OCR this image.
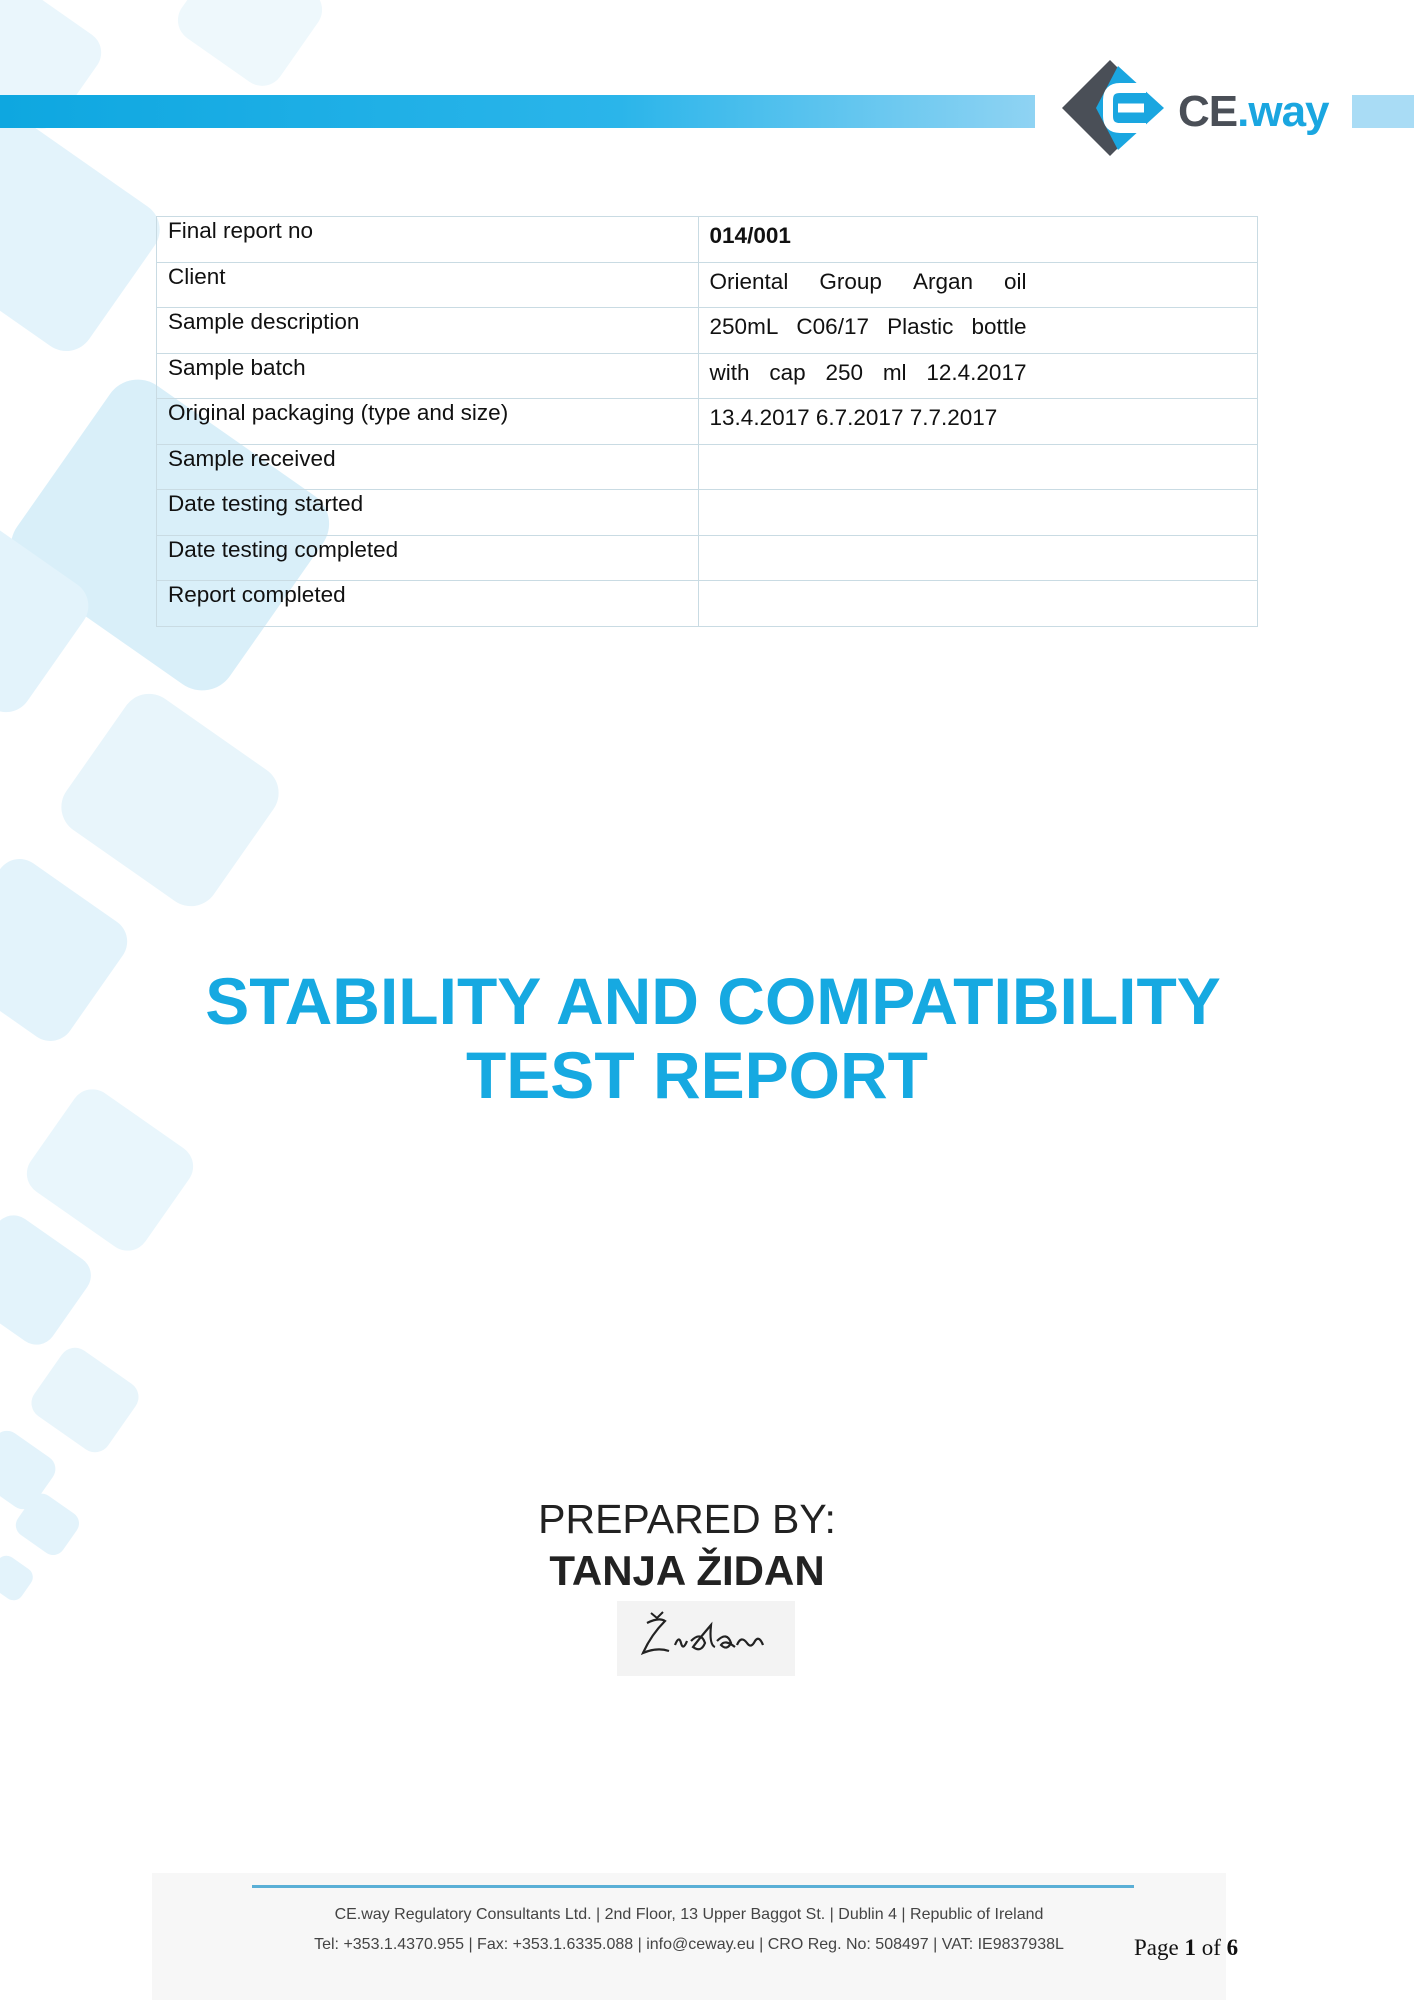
CE.way
Final report no	014/001
Client	Oriental Group Argan oil

Sample description	250mL C06/17 Plastic bottle

Sample batch	with cap 250 ml 12.4.2017

Original packaging (type and size)	13.4.2017 6.7.2017 7.7.2017
Sample received	
Date testing started	
Date testing completed	
Report completed	
STABILITY AND COMPATIBILITY
TEST REPORT
PREPARED BY:
TANJA ŽIDAN
CE.way Regulatory Consultants Ltd. | 2nd Floor, 13 Upper Baggot St. | Dublin 4 | Republic of Ireland
Tel: +353.1.4370.955 | Fax: +353.1.6335.088 | info@ceway.eu | CRO Reg. No: 508497 | VAT: IE9837938L	Page 1 of 6
